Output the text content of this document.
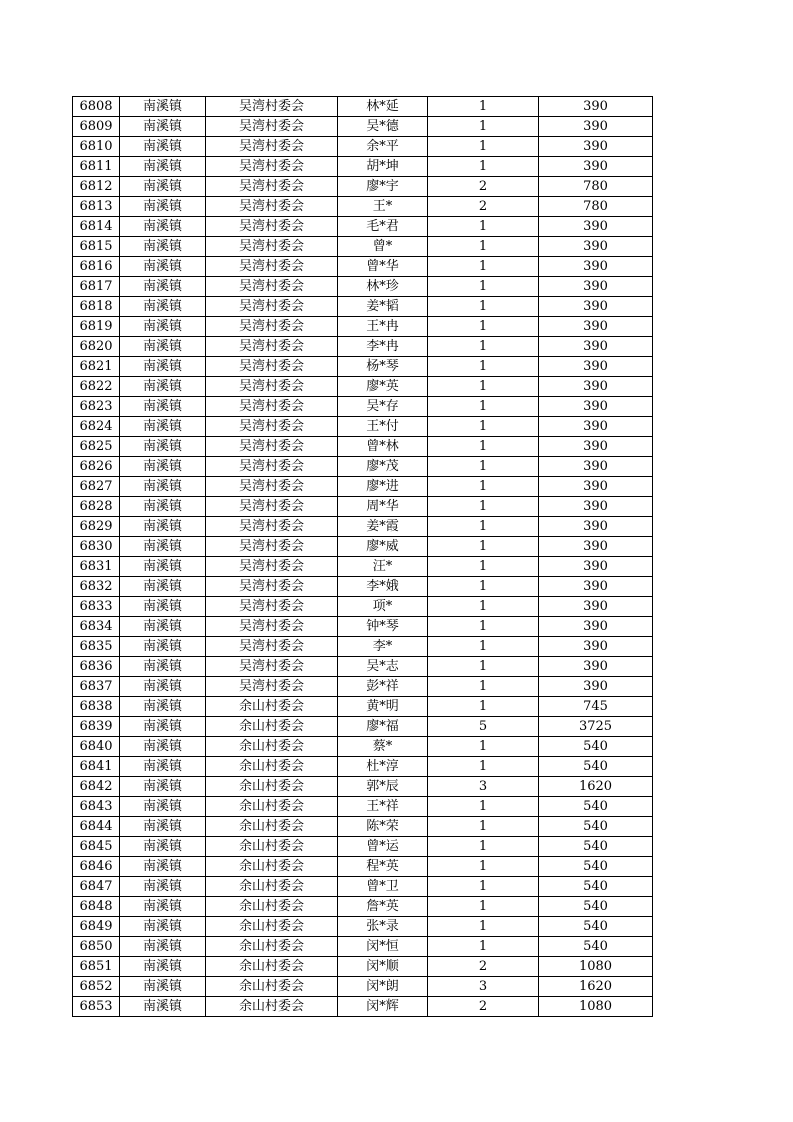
6808	南溪镇	吴湾村委会	林*延	1	390
6809	南溪镇	吴湾村委会	吴*德	1	390
6810	南溪镇	吴湾村委会	余*平	1	390
6811	南溪镇	吴湾村委会	胡*坤	1	390
6812	南溪镇	吴湾村委会	廖*宇	2	780
6813	南溪镇	吴湾村委会	王*	2	780
6814	南溪镇	吴湾村委会	毛*君	1	390
6815	南溪镇	吴湾村委会	曾*	1	390
6816	南溪镇	吴湾村委会	曾*华	1	390
6817	南溪镇	吴湾村委会	林*珍	1	390
6818	南溪镇	吴湾村委会	姜*韬	1	390
6819	南溪镇	吴湾村委会	王*冉	1	390
6820	南溪镇	吴湾村委会	李*冉	1	390
6821	南溪镇	吴湾村委会	杨*琴	1	390
6822	南溪镇	吴湾村委会	廖*英	1	390
6823	南溪镇	吴湾村委会	吴*存	1	390
6824	南溪镇	吴湾村委会	王*付	1	390
6825	南溪镇	吴湾村委会	曾*林	1	390
6826	南溪镇	吴湾村委会	廖*茂	1	390
6827	南溪镇	吴湾村委会	廖*进	1	390
6828	南溪镇	吴湾村委会	周*华	1	390
6829	南溪镇	吴湾村委会	姜*霞	1	390
6830	南溪镇	吴湾村委会	廖*威	1	390
6831	南溪镇	吴湾村委会	汪*	1	390
6832	南溪镇	吴湾村委会	李*娥	1	390
6833	南溪镇	吴湾村委会	项*	1	390
6834	南溪镇	吴湾村委会	钟*琴	1	390
6835	南溪镇	吴湾村委会	李*	1	390
6836	南溪镇	吴湾村委会	吴*志	1	390
6837	南溪镇	吴湾村委会	彭*祥	1	390
6838	南溪镇	余山村委会	黄*明	1	745
6839	南溪镇	余山村委会	廖*福	5	3725
6840	南溪镇	余山村委会	蔡*	1	540
6841	南溪镇	余山村委会	杜*淳	1	540
6842	南溪镇	余山村委会	郭*辰	3	1620
6843	南溪镇	余山村委会	王*祥	1	540
6844	南溪镇	余山村委会	陈*荣	1	540
6845	南溪镇	余山村委会	曾*运	1	540
6846	南溪镇	余山村委会	程*英	1	540
6847	南溪镇	余山村委会	曾*卫	1	540
6848	南溪镇	余山村委会	詹*英	1	540
6849	南溪镇	余山村委会	张*录	1	540
6850	南溪镇	余山村委会	闵*恒	1	540
6851	南溪镇	余山村委会	闵*顺	2	1080
6852	南溪镇	余山村委会	闵*朗	3	1620
6853	南溪镇	余山村委会	闵*辉	2	1080
